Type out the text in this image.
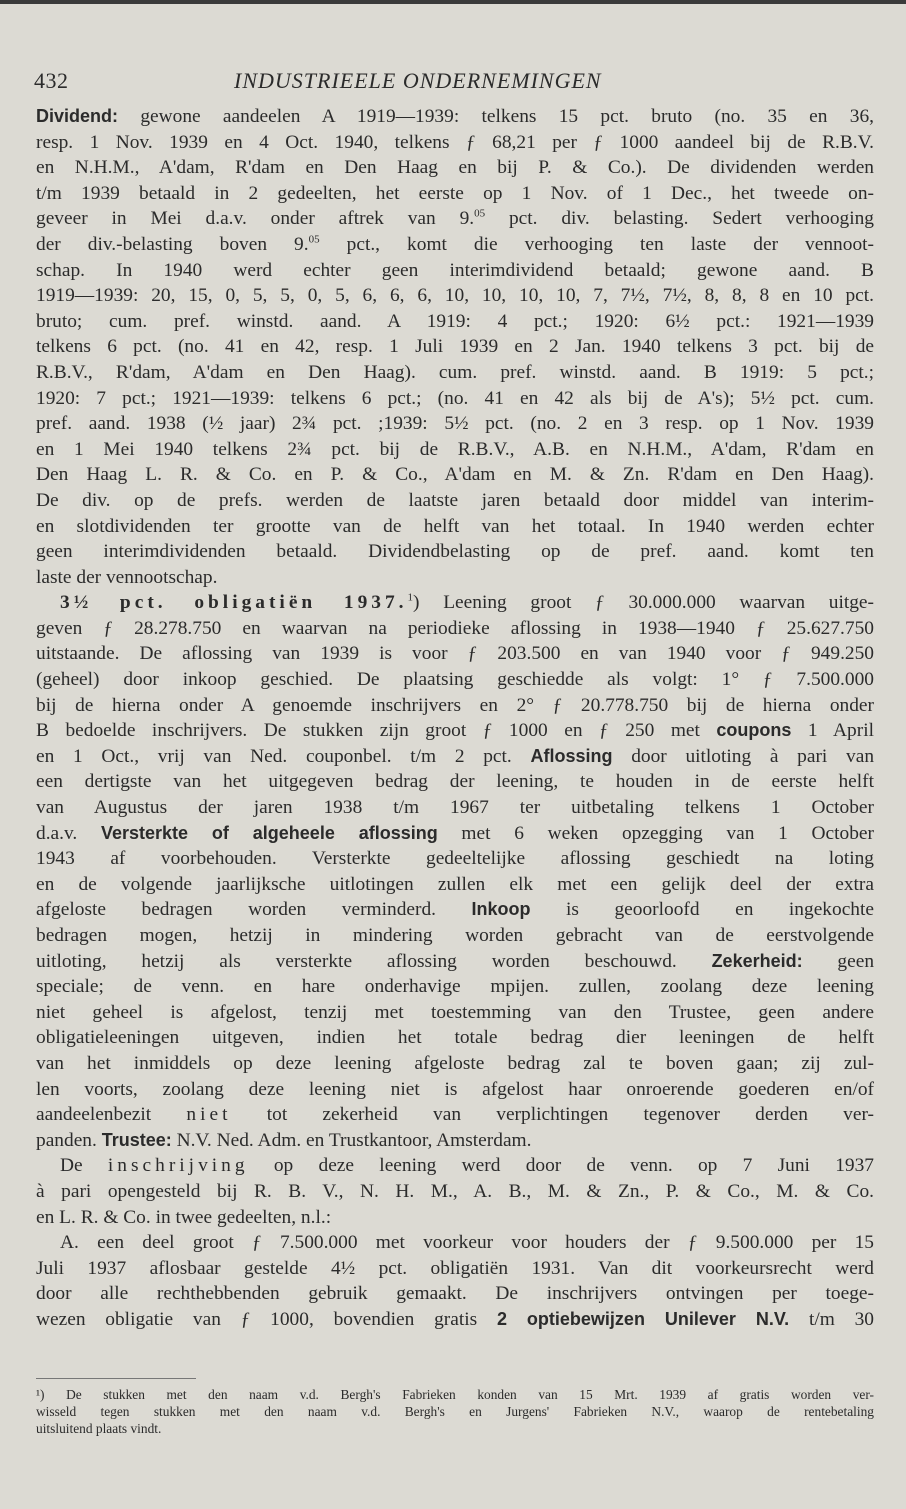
432	INDUSTRIEELE ONDERNEMINGEN
Dividend: gewone aandeelen A 1919—1939: telkens 15 pct. bruto (no. 35 en 36,
resp. 1 Nov. 1939 en 4 Oct. 1940, telkens ƒ 68,21 per ƒ 1000 aandeel bij de R.B.V.
en N.H.M., A'dam, R'dam en Den Haag en bij P. & Co.). De dividenden werden
t/m 1939 betaald in 2 gedeelten, het eerste op 1 Nov. of 1 Dec., het tweede on-
geveer in Mei d.a.v. onder aftrek van 9.05 pct. div. belasting. Sedert verhooging
der div.-belasting boven 9.05 pct., komt die verhooging ten laste der vennoot-
schap. In 1940 werd echter geen interimdividend betaald; gewone aand. B
1919—1939: 20, 15, 0, 5, 5, 0, 5, 6, 6, 6, 10, 10, 10, 10, 7, 7½, 7½, 8, 8, 8 en 10 pct.
bruto; cum. pref. winstd. aand. A 1919: 4 pct.; 1920: 6½ pct.: 1921—1939
telkens 6 pct. (no. 41 en 42, resp. 1 Juli 1939 en 2 Jan. 1940 telkens 3 pct. bij de
R.B.V., R'dam, A'dam en Den Haag). cum. pref. winstd. aand. B 1919: 5 pct.;
1920: 7 pct.; 1921—1939: telkens 6 pct.; (no. 41 en 42 als bij de A's); 5½ pct. cum.
pref. aand. 1938 (½ jaar) 2¾ pct. ;1939: 5½ pct. (no. 2 en 3 resp. op 1 Nov. 1939
en 1 Mei 1940 telkens 2¾ pct. bij de R.B.V., A.B. en N.H.M., A'dam, R'dam en
Den Haag L. R. & Co. en P. & Co., A'dam en M. & Zn. R'dam en Den Haag).
De div. op de prefs. werden de laatste jaren betaald door middel van interim-
en slotdividenden ter grootte van de helft van het totaal. In 1940 werden echter
geen interimdividenden betaald. Dividendbelasting op de pref. aand. komt ten
laste der vennootschap.
3½ pct. obligatiën 1937.$^1$) Leening groot ƒ 30.000.000 waarvan uitge-
geven ƒ 28.278.750 en waarvan na periodieke aflossing in 1938—1940 ƒ 25.627.750
uitstaande. De aflossing van 1939 is voor ƒ 203.500 en van 1940 voor ƒ 949.250
(geheel) door inkoop geschied. De plaatsing geschiedde als volgt: 1° ƒ 7.500.000
bij de hierna onder A genoemde inschrijvers en 2° ƒ 20.778.750 bij de hierna onder
B bedoelde inschrijvers. De stukken zijn groot ƒ 1000 en ƒ 250 met coupons 1 April
en 1 Oct., vrij van Ned. couponbel. t/m 2 pct. Aflossing door uitloting à pari van
een dertigste van het uitgegeven bedrag der leening, te houden in de eerste helft
van Augustus der jaren 1938 t/m 1967 ter uitbetaling telkens 1 October
d.a.v. Versterkte of algeheele aflossing met 6 weken opzegging van 1 October
1943 af voorbehouden. Versterkte gedeeltelijke aflossing geschiedt na loting
en de volgende jaarlijksche uitlotingen zullen elk met een gelijk deel der extra
afgeloste bedragen worden verminderd. Inkoop is geoorloofd en ingekochte
bedragen mogen, hetzij in mindering worden gebracht van de eerstvolgende
uitloting, hetzij als versterkte aflossing worden beschouwd. Zekerheid: geen
speciale; de venn. en hare onderhavige mpijen. zullen, zoolang deze leening
niet geheel is afgelost, tenzij met toestemming van den Trustee, geen andere
obligatieleeningen uitgeven, indien het totale bedrag dier leeningen de helft
van het inmiddels op deze leening afgeloste bedrag zal te boven gaan; zij zul-
len voorts, zoolang deze leening niet is afgelost haar onroerende goederen en/of
aandeelenbezit niet tot zekerheid van verplichtingen tegenover derden ver-
panden. Trustee: N.V. Ned. Adm. en Trustkantoor, Amsterdam.
De inschrijving op deze leening werd door de venn. op 7 Juni 1937
à pari opengesteld bij R. B. V., N. H. M., A. B., M. & Zn., P. & Co., M. & Co.
en L. R. & Co. in twee gedeelten, n.l.:
A. een deel groot ƒ 7.500.000 met voorkeur voor houders der ƒ 9.500.000 per 15
Juli 1937 aflosbaar gestelde 4½ pct. obligatiën 1931. Van dit voorkeursrecht werd
door alle rechthebbenden gebruik gemaakt. De inschrijvers ontvingen per toege-
wezen obligatie van ƒ 1000, bovendien gratis 2 optiebewijzen Unilever N.V. t/m 30
¹) De stukken met den naam v.d. Bergh's Fabrieken konden van 15 Mrt. 1939 af gratis worden ver-
wisseld tegen stukken met den naam v.d. Bergh's en Jurgens' Fabrieken N.V., waarop de rentebetaling
uitsluitend plaats vindt.
